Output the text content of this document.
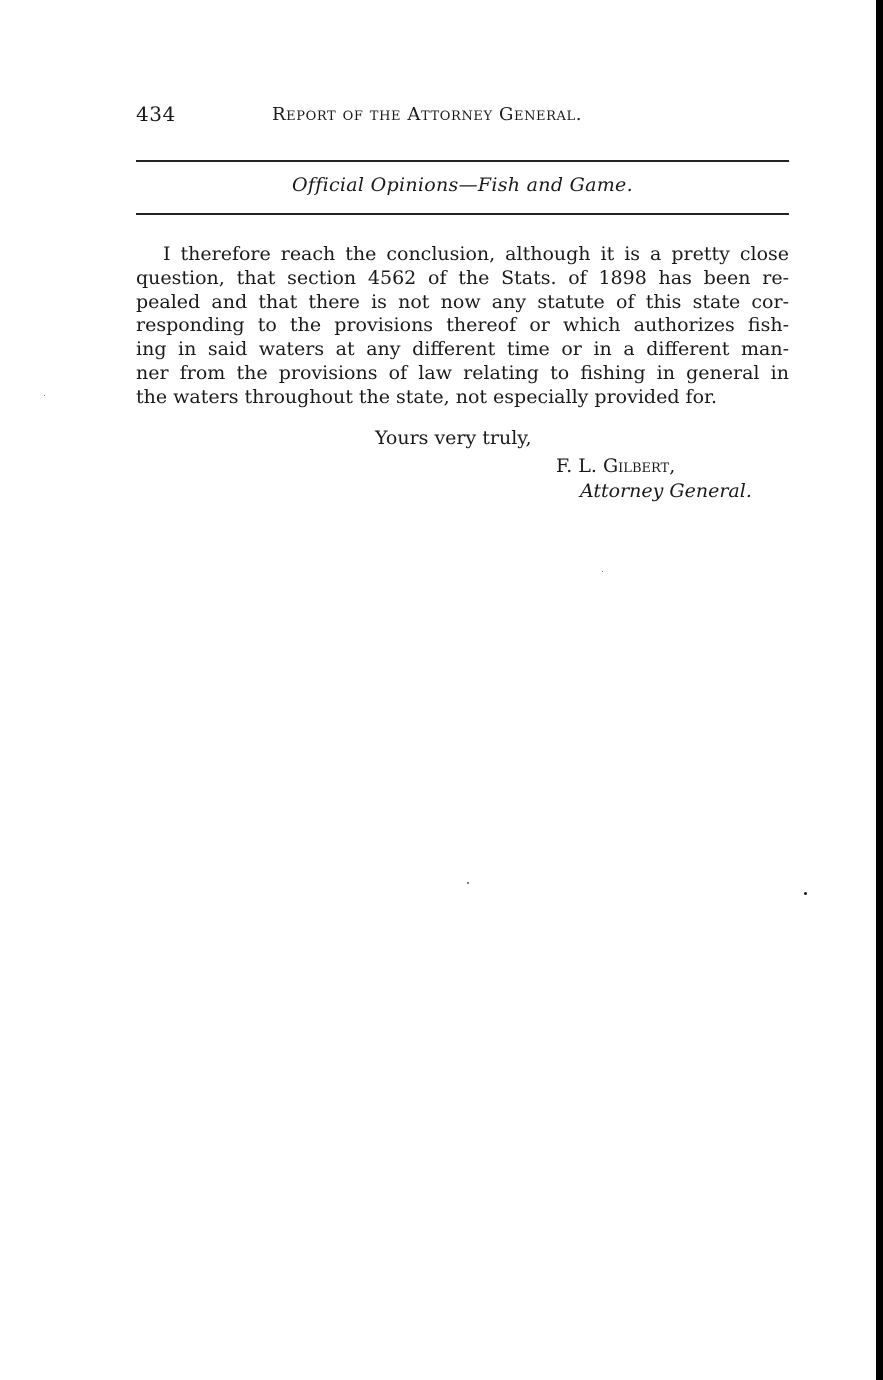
434	Report of the Attorney General.
Official Opinions—Fish and Game.
I therefore reach the conclusion, although it is a pretty close
question, that section 4562 of the Stats. of 1898 has been re-
pealed and that there is not now any statute of this state cor-
responding to the provisions thereof or which authorizes fish-
ing in said waters at any different time or in a different man-
ner from the provisions of law relating to fishing in general in
the waters throughout the state, not especially provided for.
Yours very truly,
F. L. Gilbert,
Attorney General.
